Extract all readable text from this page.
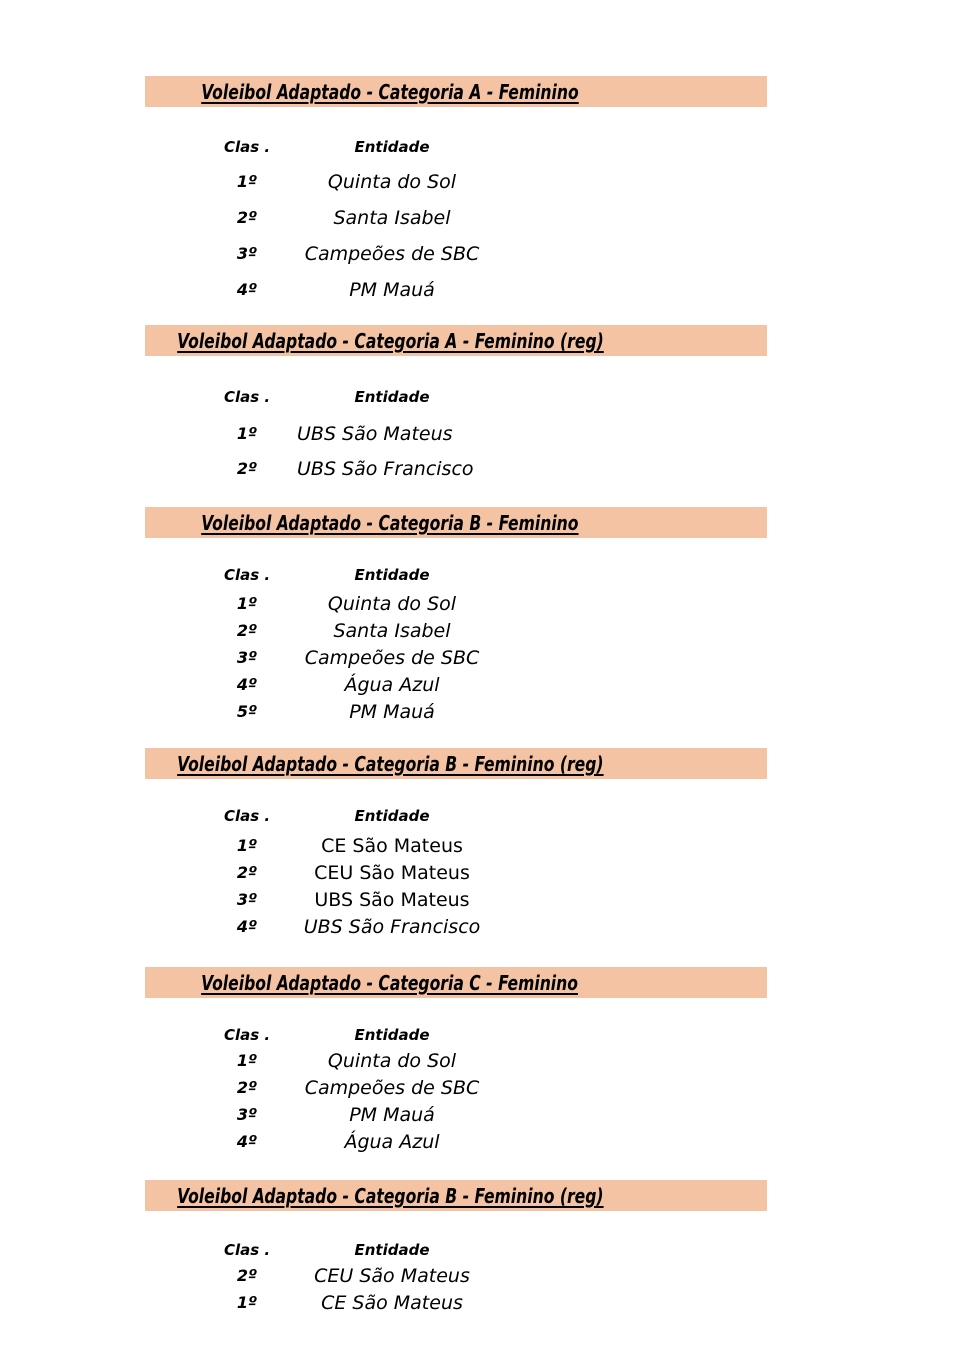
Voleibol Adaptado - Categoria A - Feminino
Clas .	Entidade
1º	Quinta do Sol
2º	Santa Isabel
3º	Campeões de SBC
4º	PM Mauá
Voleibol Adaptado - Categoria A - Feminino (reg)
Clas .	Entidade
1º	UBS São Mateus
2º	UBS São Francisco
Voleibol Adaptado - Categoria B - Feminino
Clas .	Entidade
1º	Quinta do Sol
2º	Santa Isabel
3º	Campeões de SBC
4º	Água Azul
5º	PM Mauá
Voleibol Adaptado - Categoria B - Feminino (reg)
Clas .	Entidade
1º	CE São Mateus
2º	CEU São Mateus
3º	UBS São Mateus
4º	UBS São Francisco
Voleibol Adaptado - Categoria C - Feminino
Clas .	Entidade
1º	Quinta do Sol
2º	Campeões de SBC
3º	PM Mauá
4º	Água Azul
Voleibol Adaptado - Categoria B - Feminino (reg)
Clas .	Entidade
2º	CEU São Mateus
1º	CE São Mateus
